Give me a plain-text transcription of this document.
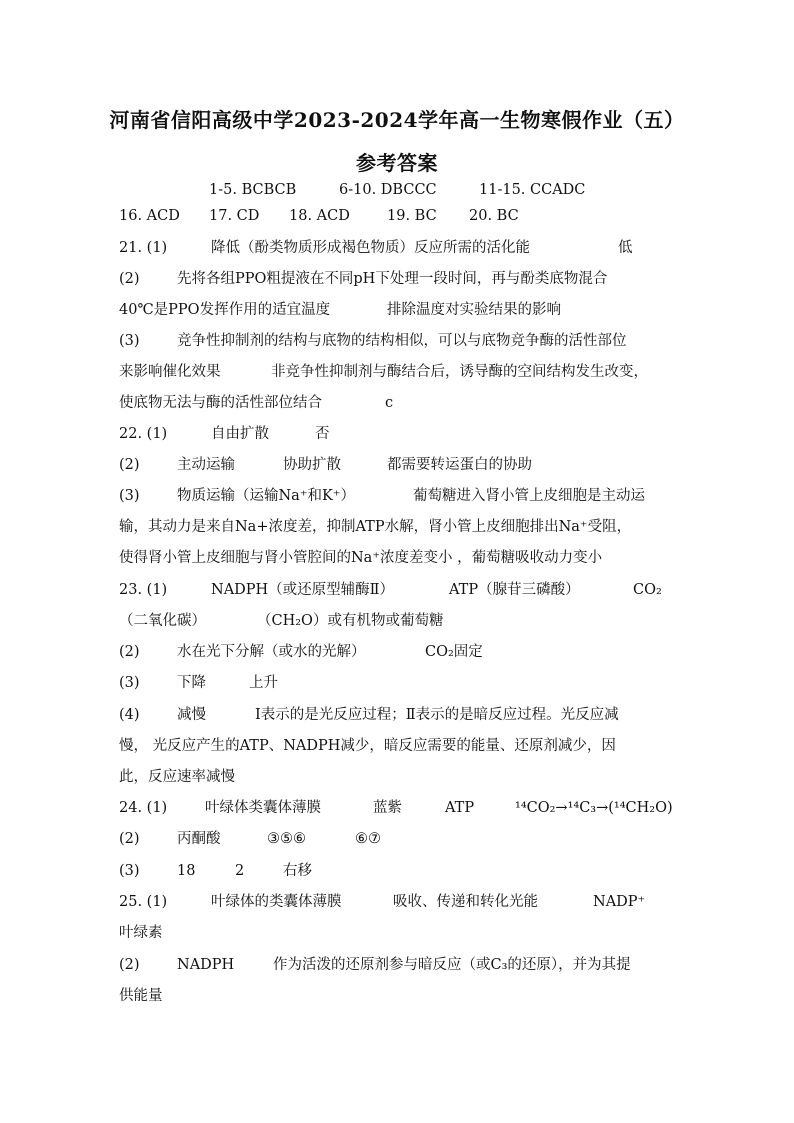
河南省信阳高级中学2023-2024学年高一生物寒假作业（五）
参考答案
1-5. BCBCB	6-10. DBCCC	11-15. CCADC
16. ACD 17. CD 18. ACD	19. BC 20. BC
21. (1)	降低（酚类物质形成褐色物质）反应所需的活化能	低
(2)	先将各组PPO粗提液在不同pH下处理一段时间，再与酚类底物混合
40℃是PPO发挥作用的适宜温度	排除温度对实验结果的影响
(3)	竞争性抑制剂的结构与底物的结构相似，可以与底物竞争酶的活性部位
来影响催化效果	非竞争性抑制剂与酶结合后，诱导酶的空间结构发生改变，
使底物无法与酶的活性部位结合	c
22. (1)	自由扩散	否
(2)	主动运输	协助扩散	都需要转运蛋白的协助
(3)	物质运输（运输Na⁺和K⁺）	葡萄糖进入肾小管上皮细胞是主动运
输，其动力是来自Na+浓度差，抑制ATP水解，肾小管上皮细胞排出Na⁺受阻，
使得肾小管上皮细胞与肾小管腔间的Na⁺浓度差变小 ，葡萄糖吸收动力变小
23. (1)	NADPH（或还原型辅酶Ⅱ）	ATP（腺苷三磷酸）	CO₂
（二氧化碳）	（CH₂O）或有机物或葡萄糖
(2)	水在光下分解（或水的光解）	CO₂固定
(3)	下降	上升
(4)	减慢	Ⅰ表示的是光反应过程；Ⅱ表示的是暗反应过程。光反应减
慢， 光反应产生的ATP、NADPH减少，暗反应需要的能量、还原剂减少，因
此，反应速率减慢
24. (1)	叶绿体类囊体薄膜	蓝紫	ATP	¹⁴CO₂→¹⁴C₃→(¹⁴CH₂O)
(2)	丙酮酸	③⑤⑥	⑥⑦
(3)	18	2	右移
25. (1)	叶绿体的类囊体薄膜	吸收、传递和转化光能	NADP⁺
叶绿素
(2)	NADPH	作为活泼的还原剂参与暗反应（或C₃的还原），并为其提
供能量
